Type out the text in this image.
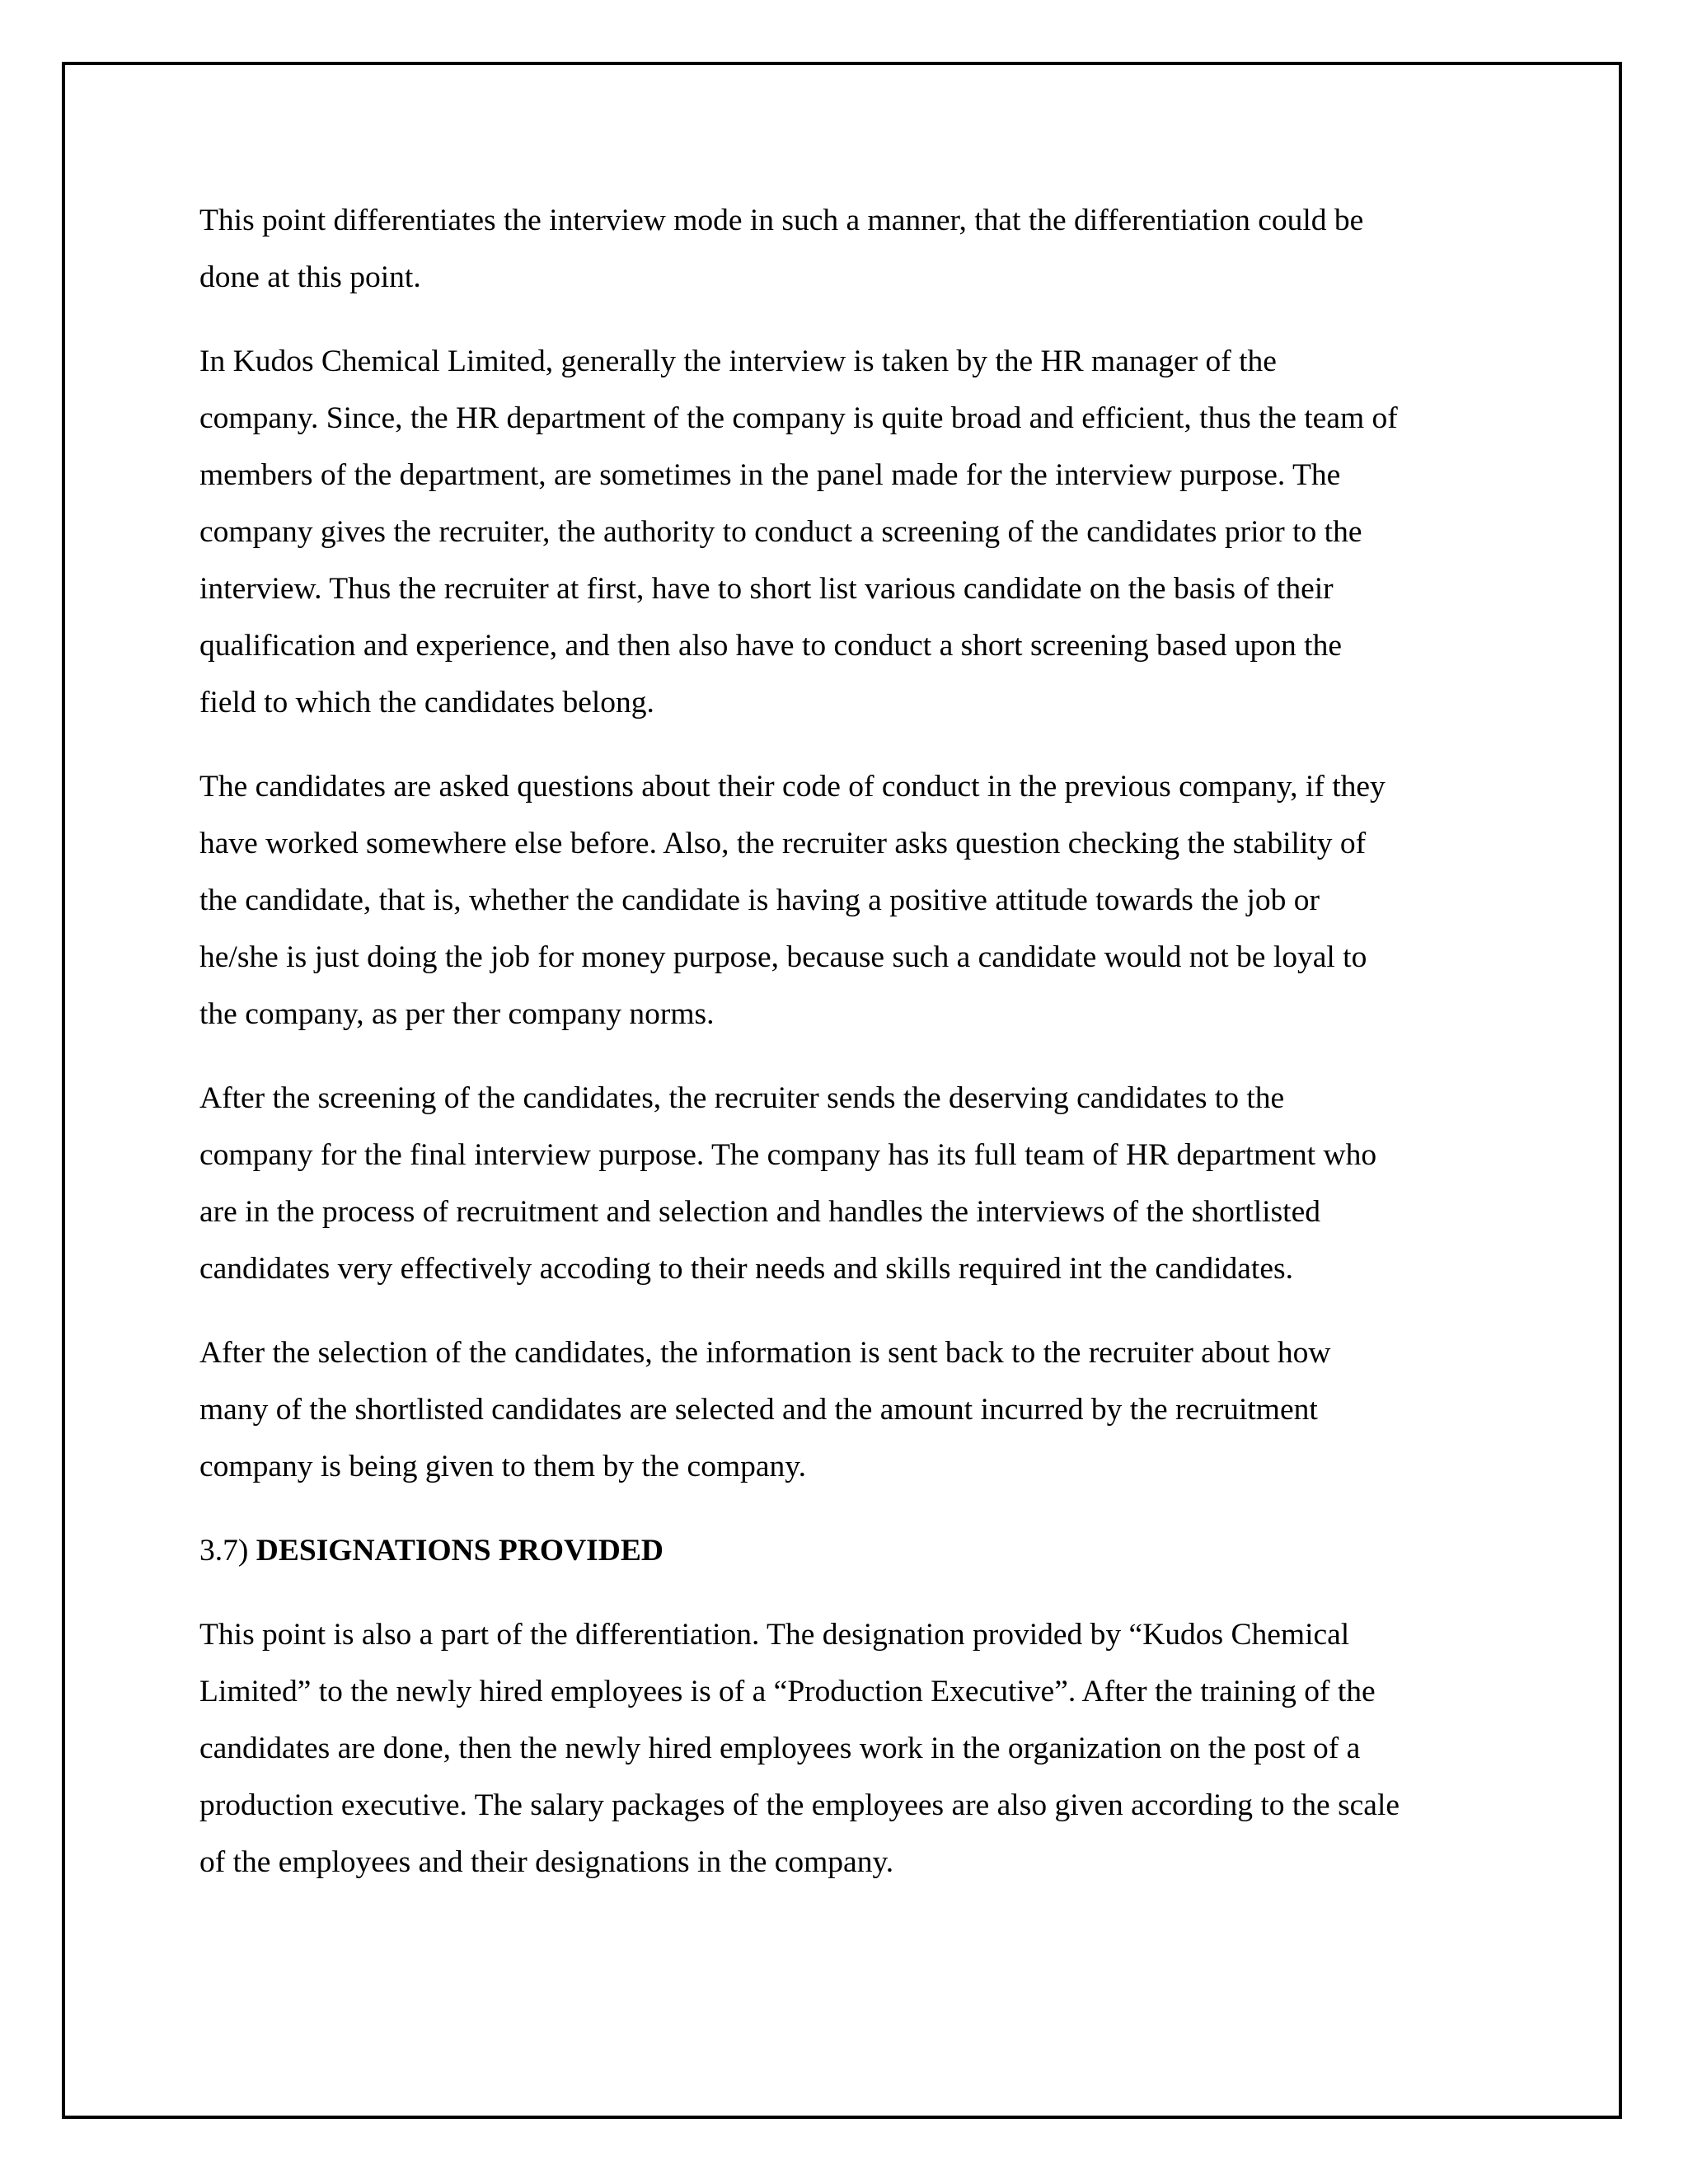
This point differentiates the interview mode in such a manner, that the differentiation could be
done at this point.

In Kudos Chemical Limited, generally the interview is taken by the HR manager of the
company. Since, the HR department of the company is quite broad and efficient, thus the team of
members of the department, are sometimes in the panel made for the interview purpose. The
company gives the recruiter, the authority to conduct a screening of the candidates prior to the
interview. Thus the recruiter at first, have to short list various candidate on the basis of their
qualification and experience, and then also have to conduct a short screening based upon the
field to which the candidates belong.

The candidates are asked questions about their code of conduct in the previous company, if they
have worked somewhere else before. Also, the recruiter asks question checking the stability of
the candidate, that is, whether the candidate is having a positive attitude towards the job or
he/she is just doing the job for money purpose, because such a candidate would not be loyal to
the company, as per ther company norms.

After the screening of the candidates, the recruiter sends the deserving candidates to the
company for the final interview purpose. The company has its full team of HR department who
are in the process of recruitment and selection and handles the interviews of the shortlisted
candidates very effectively accoding to their needs and skills required int the candidates.

After the selection of the candidates, the information is sent back to the recruiter about how
many of the shortlisted candidates are selected and the amount incurred by the recruitment
company is being given to them by the company.

3.7) DESIGNATIONS PROVIDED

This point is also a part of the differentiation. The designation provided by “Kudos Chemical
Limited” to the newly hired employees is of a “Production Executive”. After the training of the
candidates are done, then the newly hired employees work in the organization on the post of a
production executive. The salary packages of the employees are also given according to the scale
of the employees and their designations in the company.
